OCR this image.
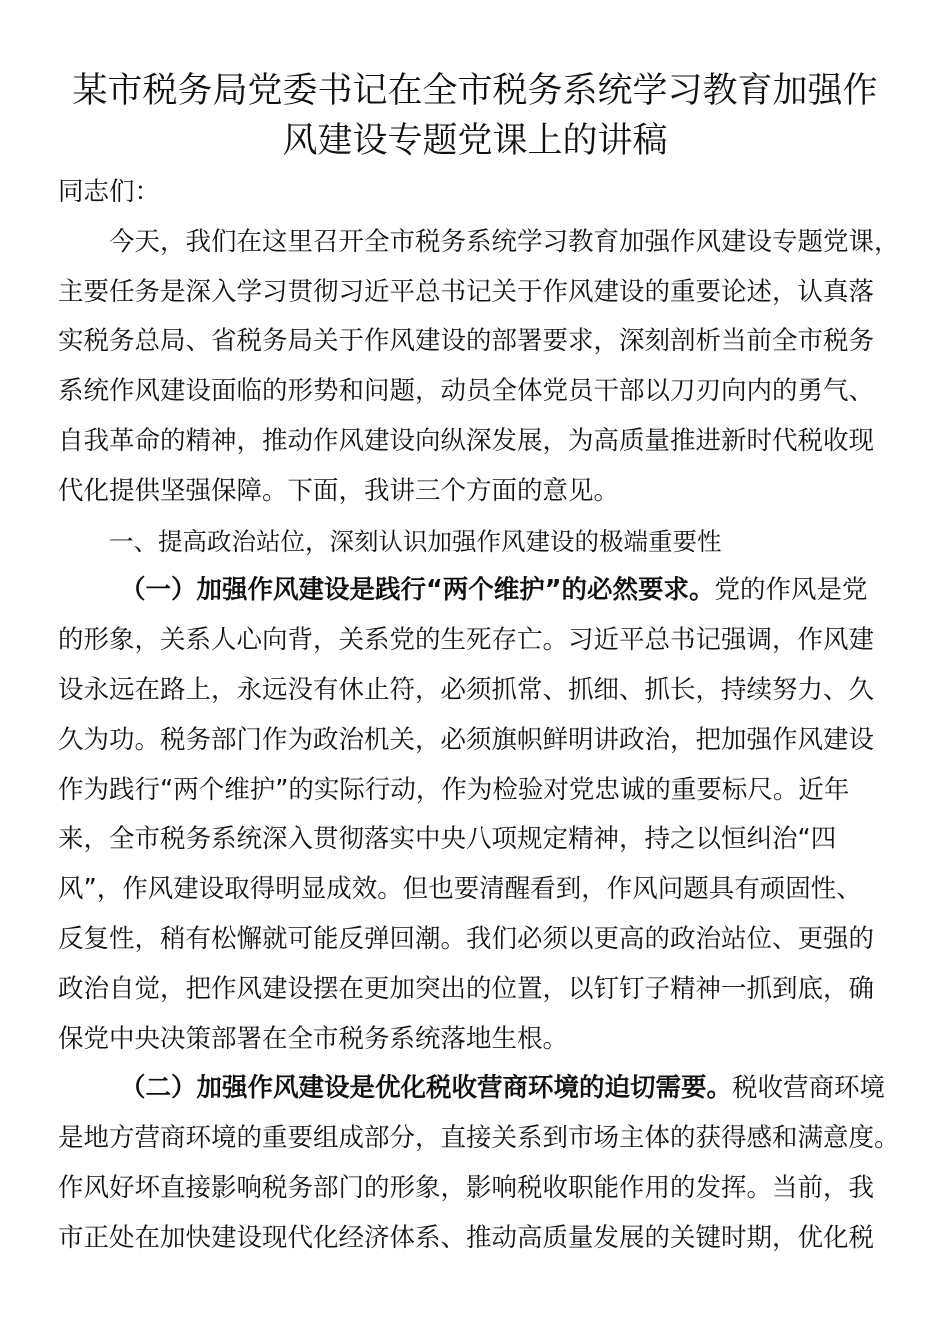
某市税务局党委书记在全市税务系统学习教育加强作
风建设专题党课上的讲稿

同志们：

今天，我们在这里召开全市税务系统学习教育加强作风建设专题党课，
主要任务是深入学习贯彻习近平总书记关于作风建设的重要论述，认真落
实税务总局、省税务局关于作风建设的部署要求，深刻剖析当前全市税务
系统作风建设面临的形势和问题，动员全体党员干部以刀刃向内的勇气、
自我革命的精神，推动作风建设向纵深发展，为高质量推进新时代税收现
代化提供坚强保障。下面，我讲三个方面的意见。

一、提高政治站位，深刻认识加强作风建设的极端重要性

（一）加强作风建设是践行“两个维护”的必然要求。党的作风是党
的形象，关系人心向背，关系党的生死存亡。习近平总书记强调，作风建
设永远在路上，永远没有休止符，必须抓常、抓细、抓长，持续努力、久
久为功。税务部门作为政治机关，必须旗帜鲜明讲政治，把加强作风建设
作为践行“两个维护”的实际行动，作为检验对党忠诚的重要标尺。近年
来，全市税务系统深入贯彻落实中央八项规定精神，持之以恒纠治“四
风”，作风建设取得明显成效。但也要清醒看到，作风问题具有顽固性、
反复性，稍有松懈就可能反弹回潮。我们必须以更高的政治站位、更强的
政治自觉，把作风建设摆在更加突出的位置，以钉钉子精神一抓到底，确
保党中央决策部署在全市税务系统落地生根。

（二）加强作风建设是优化税收营商环境的迫切需要。税收营商环境
是地方营商环境的重要组成部分，直接关系到市场主体的获得感和满意度。
作风好坏直接影响税务部门的形象，影响税收职能作用的发挥。当前，我
市正处在加快建设现代化经济体系、推动高质量发展的关键时期，优化税
